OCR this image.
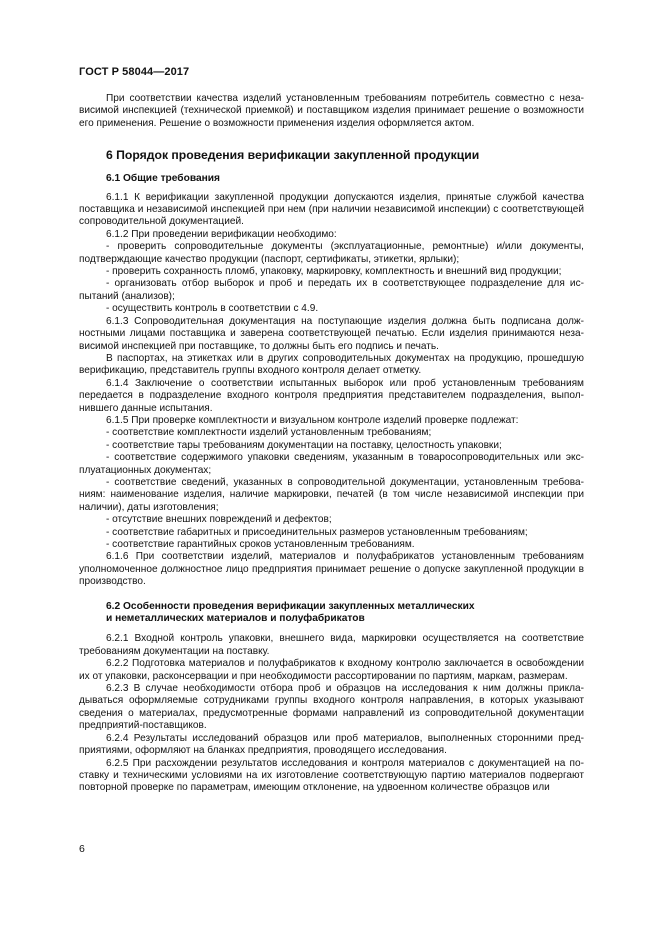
ГОСТ Р 58044—2017

При соответствии качества изделий установленным требованиям потребитель совместно с независимой инспекцией (технической приемкой) и поставщиком изделия принимает решение о возможности его применения. Решение о возможности применения изделия оформляется актом.

6 Порядок проведения верификации закупленной продукции
6.1 Общие требования

6.1.1 К верификации закупленной продукции допускаются изделия, принятые службой качества поставщика и независимой инспекцией при нем (при наличии независимой инспекции) с соответствующей сопроводительной документацией.

6.1.2 При проведении верификации необходимо:

- проверить сопроводительные документы (эксплуатационные, ремонтные) и/или документы, подтверждающие качество продукции (паспорт, сертификаты, этикетки, ярлыки);

- проверить сохранность пломб, упаковку, маркировку, комплектность и внешний вид продукции;

- организовать отбор выборок и проб и передать их в соответствующее подразделение для испытаний (анализов);

- осуществить контроль в соответствии с 4.9.

6.1.3 Сопроводительная документация на поступающие изделия должна быть подписана должностными лицами поставщика и заверена соответствующей печатью. Если изделия принимаются независимой инспекцией при поставщике, то должны быть его подпись и печать.

В паспортах, на этикетках или в других сопроводительных документах на продукцию, прошедшую верификацию, представитель группы входного контроля делает отметку.

6.1.4 Заключение о соответствии испытанных выборок или проб установленным требованиям передается в подразделение входного контроля предприятия представителем подразделения, выполнившего данные испытания.

6.1.5 При проверке комплектности и визуальном контроле изделий проверке подлежат:

- соответствие комплектности изделий установленным требованиям;

- соответствие тары требованиям документации на поставку, целостность упаковки;

- соответствие содержимого упаковки сведениям, указанным в товаросопроводительных или эксплуатационных документах;

- соответствие сведений, указанных в сопроводительной документации, установленным требованиям: наименование изделия, наличие маркировки, печатей (в том числе независимой инспекции при наличии), даты изготовления;

- отсутствие внешних повреждений и дефектов;

- соответствие габаритных и присоединительных размеров установленным требованиям;

- соответствие гарантийных сроков установленным требованиям.

6.1.6 При соответствии изделий, материалов и полуфабрикатов установленным требованиям уполномоченное должностное лицо предприятия принимает решение о допуске закупленной продукции в производство.

6.2 Особенности проведения верификации закупленных металлических
и неметаллических материалов и полуфабрикатов

6.2.1 Входной контроль упаковки, внешнего вида, маркировки осуществляется на соответствие требованиям документации на поставку.

6.2.2 Подготовка материалов и полуфабрикатов к входному контролю заключается в освобождении их от упаковки, расконсервации и при необходимости рассортировании по партиям, маркам, размерам.

6.2.3 В случае необходимости отбора проб и образцов на исследования к ним должны прикладываться оформляемые сотрудниками группы входного контроля направления, в которых указывают сведения о материалах, предусмотренные формами направлений из сопроводительной документации предприятий-поставщиков.

6.2.4 Результаты исследований образцов или проб материалов, выполненных сторонними предприятиями, оформляют на бланках предприятия, проводящего исследования.

6.2.5 При расхождении результатов исследования и контроля материалов с документацией на поставку и техническими условиями на их изготовление соответствующую партию материалов подвергают повторной проверке по параметрам, имеющим отклонение, на удвоенном количестве образцов или

6
